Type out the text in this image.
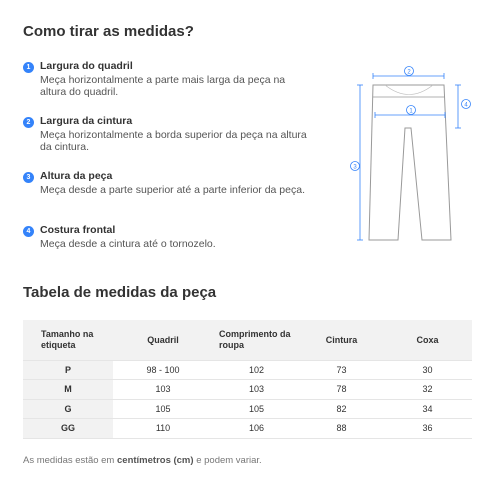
Como tirar as medidas?
1 Largura do quadril
Meça horizontalmente a parte mais larga da peça na altura do quadril.
2 Largura da cintura
Meça horizontalmente a borda superior da peça na altura da cintura.
3 Altura da peça
Meça desde a parte superior até a parte inferior da peça.
4 Costura frontal
Meça desde a cintura até o tornozelo.
2
1
4
3
Tabela de medidas da peça
Tamanho na etiqueta	Quadril	Comprimento da roupa	Cintura	Coxa
P	98 - 100	102	73	30
M	103	103	78	32
G	105	105	82	34
GG	110	106	88	36
As medidas estão em centímetros (cm) e podem variar.
